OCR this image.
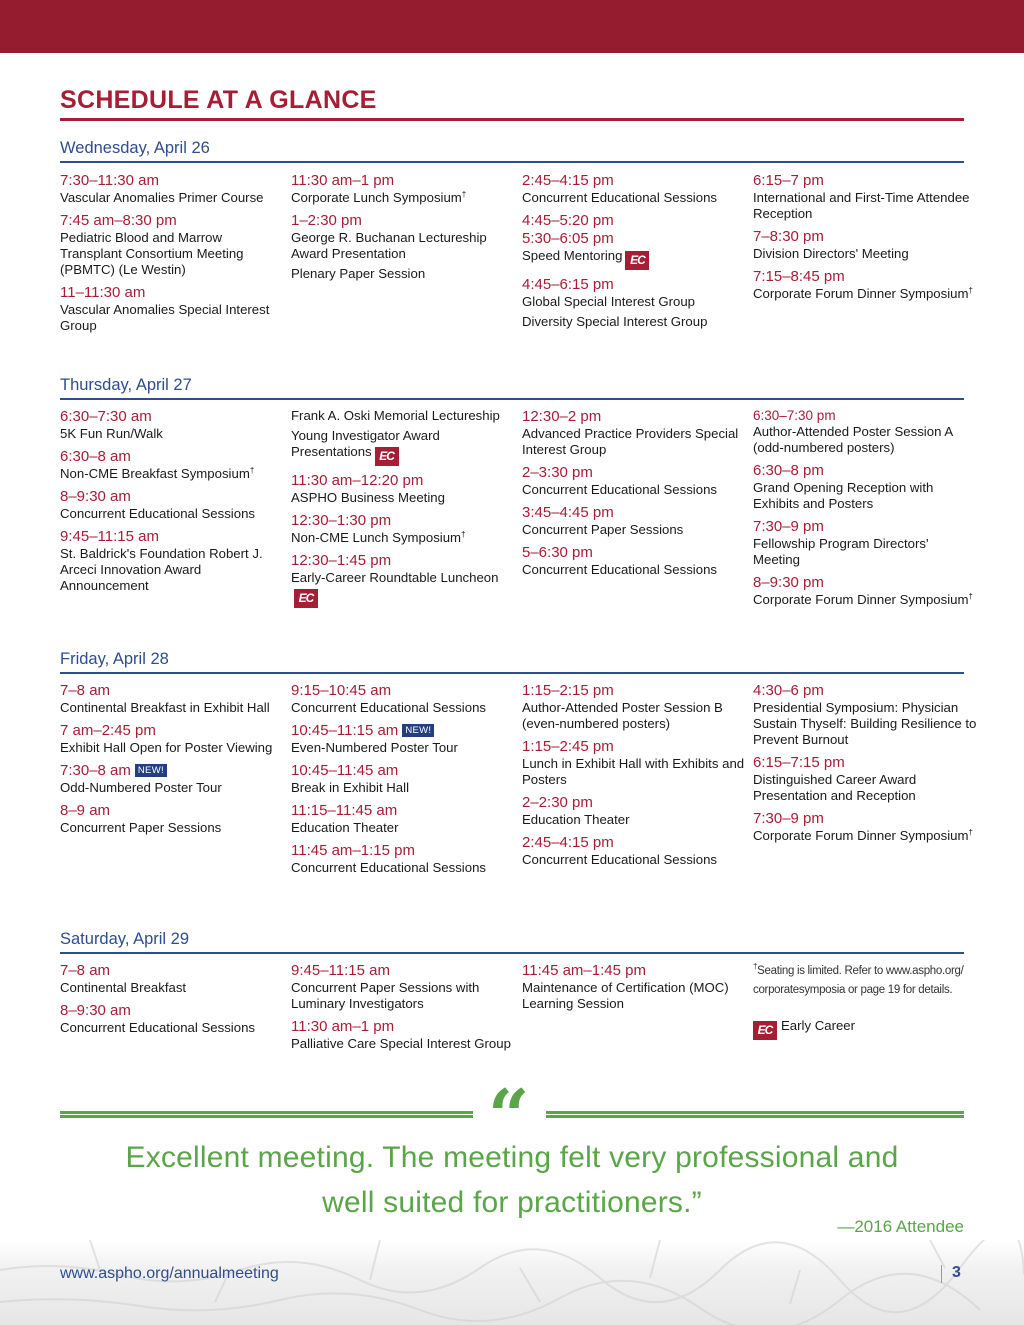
SCHEDULE AT A GLANCE
Wednesday, April 26
7:30–11:30 am
Vascular Anomalies Primer Course
7:45 am–8:30 pm
Pediatric Blood and Marrow Transplant Consortium Meeting (PBMTC) (Le Westin)
11–11:30 am
Vascular Anomalies Special Interest Group
11:30 am–1 pm
Corporate Lunch Symposium†
1–2:30 pm
George R. Buchanan Lectureship Award Presentation
Plenary Paper Session
2:45–4:15 pm
Concurrent Educational Sessions
4:45–5:20 pm
5:30–6:05 pm
Speed Mentoring EC
4:45–6:15 pm
Global Special Interest Group
Diversity Special Interest Group
6:15–7 pm
International and First-Time Attendee Reception
7–8:30 pm
Division Directors' Meeting
7:15–8:45 pm
Corporate Forum Dinner Symposium†
Thursday, April 27
6:30–7:30 am
5K Fun Run/Walk
6:30–8 am
Non-CME Breakfast Symposium†
8–9:30 am
Concurrent Educational Sessions
9:45–11:15 am
St. Baldrick's Foundation Robert J. Arceci Innovation Award Announcement
Frank A. Oski Memorial Lectureship
Young Investigator Award Presentations EC
11:30 am–12:20 pm
ASPHO Business Meeting
12:30–1:30 pm
Non-CME Lunch Symposium†
12:30–1:45 pm
Early-Career Roundtable LuncheonEC
12:30–2 pm
Advanced Practice Providers Special Interest Group
2–3:30 pm
Concurrent Educational Sessions
3:45–4:45 pm
Concurrent Paper Sessions
5–6:30 pm
Concurrent Educational Sessions
6:30–7:30 pm
Author-Attended Poster Session A (odd-numbered posters)
6:30–8 pm
Grand Opening Reception with Exhibits and Posters
7:30–9 pm
Fellowship Program Directors' Meeting
8–9:30 pm
Corporate Forum Dinner Symposium†
Friday, April 28
7–8 am
Continental Breakfast in Exhibit Hall
7 am–2:45 pm
Exhibit Hall Open for Poster Viewing
7:30–8 am NEW!
Odd-Numbered Poster Tour
8–9 am
Concurrent Paper Sessions
9:15–10:45 am
Concurrent Educational Sessions
10:45–11:15 am NEW!
Even-Numbered Poster Tour
10:45–11:45 am
Break in Exhibit Hall
11:15–11:45 am
Education Theater
11:45 am–1:15 pm
Concurrent Educational Sessions
1:15–2:15 pm
Author-Attended Poster Session B (even-numbered posters)
1:15–2:45 pm
Lunch in Exhibit Hall with Exhibits and Posters
2–2:30 pm
Education Theater
2:45–4:15 pm
Concurrent Educational Sessions
4:30–6 pm
Presidential Symposium: Physician Sustain Thyself: Building Resilience to Prevent Burnout
6:15–7:15 pm
Distinguished Career Award Presentation and Reception
7:30–9 pm
Corporate Forum Dinner Symposium†
Saturday, April 29
†Seating is limited. Refer to www.aspho.org/
corporatesymposia or page 19 for details.
EC Early Career
7–8 am
Continental Breakfast
8–9:30 am
Concurrent Educational Sessions
9:45–11:15 am
Concurrent Paper Sessions with Luminary Investigators
11:30 am–1 pm
Palliative Care Special Interest Group
11:45 am–1:45 pm
Maintenance of Certification (MOC) Learning Session
“
Excellent meeting. The meeting felt very professional and
well suited for practitioners.”
—2016 Attendee
www.aspho.org/annualmeeting	3
